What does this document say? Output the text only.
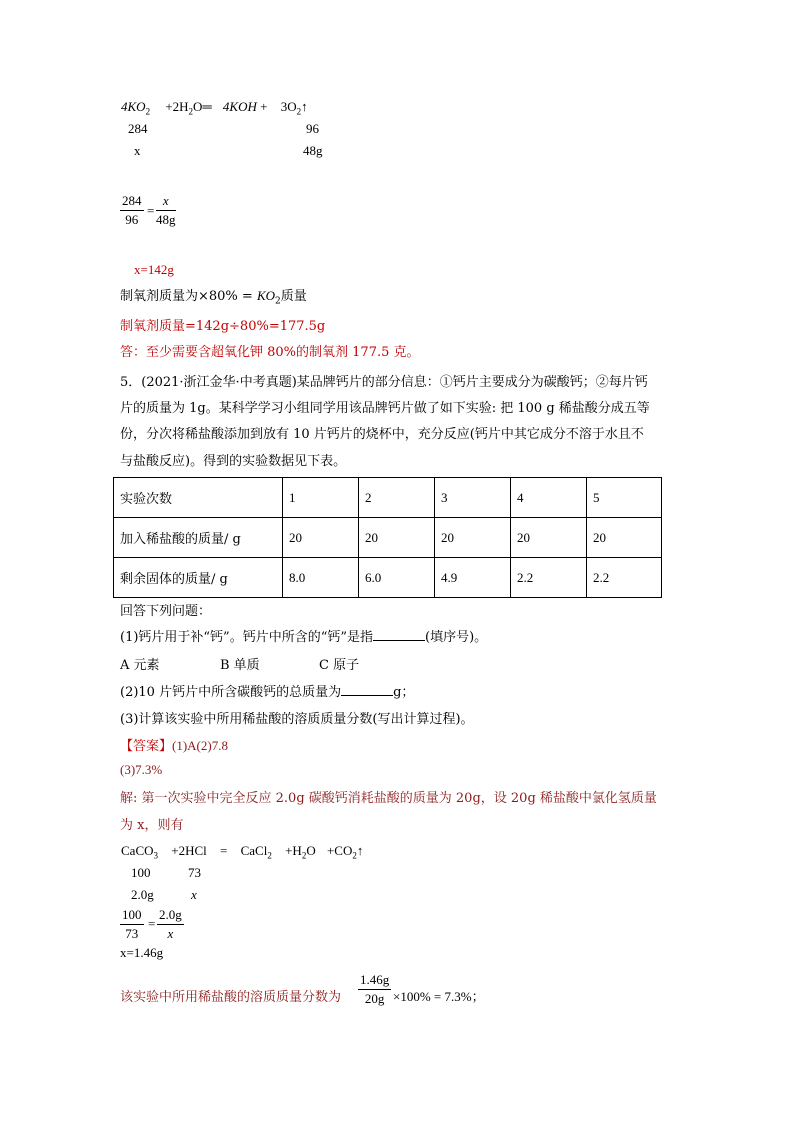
$4KO_2$ $+2H_2O═$ $4KOH + 3O_2↑$
284	96
x	48g
$\frac{284}{96} = \frac{x}{48g}$
x=142g
制氧剂质量为$\times 80\% = KO_2$质量
制氧剂质量=142g÷80%=177.5g
答：至少需要含超氧化钾 80%的制氧剂 177.5 克。
5．(2021·浙江金华·中考真题)某品牌钙片的部分信息：①钙片主要成分为碳酸钙；②每片钙
片的质量为 1g。某科学学习小组同学用该品牌钙片做了如下实验: 把 100 g 稀盐酸分成五等
份，分次将稀盐酸添加到放有 10 片钙片的烧杯中，充分反应(钙片中其它成分不溶于水且不
与盐酸反应)。得到的实验数据见下表。
实验次数	1	2	3	4	5
加入稀盐酸的质量/ g	20	20	20	20	20
剩余固体的质量/ g	8.0	6.0	4.9	2.2	2.2
回答下列问题：
(1)钙片用于补“钙”。钙片中所含的“钙”是指	(填序号)。
A 元素	B 单质	C 原子
(2)10 片钙片中所含碳酸钙的总质量为	g；
(3)计算该实验中所用稀盐酸的溶质质量分数(写出计算过程)。
【答案】(1)A(2)7.8
(3)7.3%
解: 第一次实验中完全反应 2.0g 碳酸钙消耗盐酸的质量为 20g，设 20g 稀盐酸中氯化氢质量
为 x，则有
CaCO$_3$ +2HCl = CaCl$_2$ $+H_2O$ $+CO_2↑$
100	73
2.0g	x
$\frac{100}{73} = \frac{2.0g}{x}$
x=1.46g
该实验中所用稀盐酸的溶质质量分数为 $\frac{1.46g}{20g} \times 100\% = 7.3\%$；
